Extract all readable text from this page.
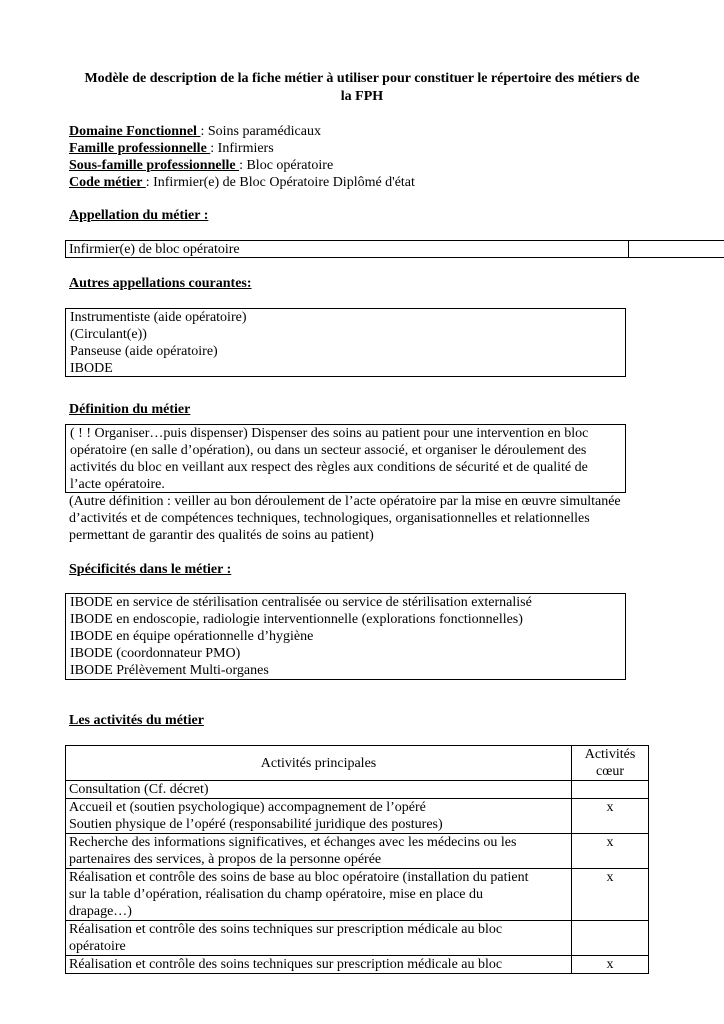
Modèle de description de la fiche métier à utiliser pour constituer le répertoire des métiers de
la FPH
Domaine Fonctionnel : Soins paramédicaux
Famille professionnelle : Infirmiers
Sous-famille professionnelle : Bloc opératoire
Code métier : Infirmier(e) de Bloc Opératoire Diplômé d'état
Appellation du métier :
Infirmier(e) de bloc opératoire
Autres appellations courantes:
Instrumentiste (aide opératoire)
(Circulant(e))
Panseuse (aide opératoire)
IBODE
Définition du métier
( ! ! Organiser…puis dispenser) Dispenser des soins au patient pour une intervention en bloc
opératoire (en salle d’opération), ou dans un secteur associé, et organiser le déroulement des
activités du bloc en veillant aux respect des règles aux conditions de sécurité et de qualité de
l’acte opératoire.
(Autre définition : veiller au bon déroulement de l’acte opératoire par la mise en œuvre simultanée
d’activités et de compétences techniques, technologiques, organisationnelles et relationnelles
permettant de garantir des qualités de soins au patient)
Spécificités dans le métier :
IBODE en service de stérilisation centralisée ou service de stérilisation externalisé
IBODE en endoscopie, radiologie interventionnelle (explorations fonctionnelles)
IBODE en équipe opérationnelle d’hygiène
IBODE (coordonnateur PMO)
IBODE Prélèvement Multi-organes
Les activités du métier
Activités principales	Activités
cœur

Consultation (Cf. décret)	

Accueil et (soutien psychologique) accompagnement de l’opéré
Soutien physique de l’opéré (responsabilité juridique des postures)	x

Recherche des informations significatives, et échanges avec les médecins ou les
partenaires des services, à propos de la personne opérée	x

Réalisation et contrôle des soins de base au bloc opératoire (installation du patient
sur la table d’opération, réalisation du champ opératoire, mise en place du
drapage…)	x

Réalisation et contrôle des soins techniques sur prescription médicale au bloc
opératoire	

Réalisation et contrôle des soins techniques sur prescription médicale au bloc	x
